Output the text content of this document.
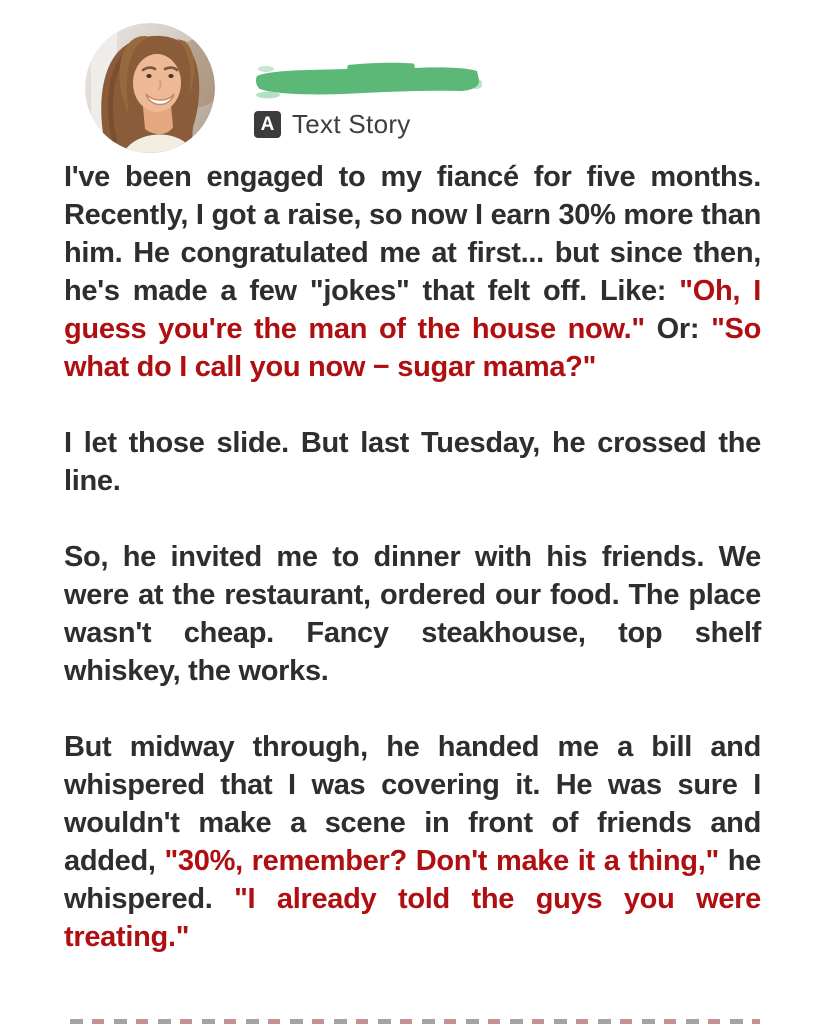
A Text Story

I've been engaged to my fiancé for five months. Recently, I got a raise, so now I earn 30% more than him. He congratulated me at first... but since then, he's made a few "jokes" that felt off. Like: "Oh, I guess you're the man of the house now." Or: "So what do I call you now − sugar mama?"

I let those slide. But last Tuesday, he crossed the line.

So, he invited me to dinner with his friends. We were at the restaurant, ordered our food. The place wasn't cheap. Fancy steakhouse, top shelf whiskey, the works.

But midway through, he handed me a bill and whispered that I was covering it. He was sure I wouldn't make a scene in front of friends and added, "30%, remember? Don't make it a thing," he whispered. "I already told the guys you were treating."
